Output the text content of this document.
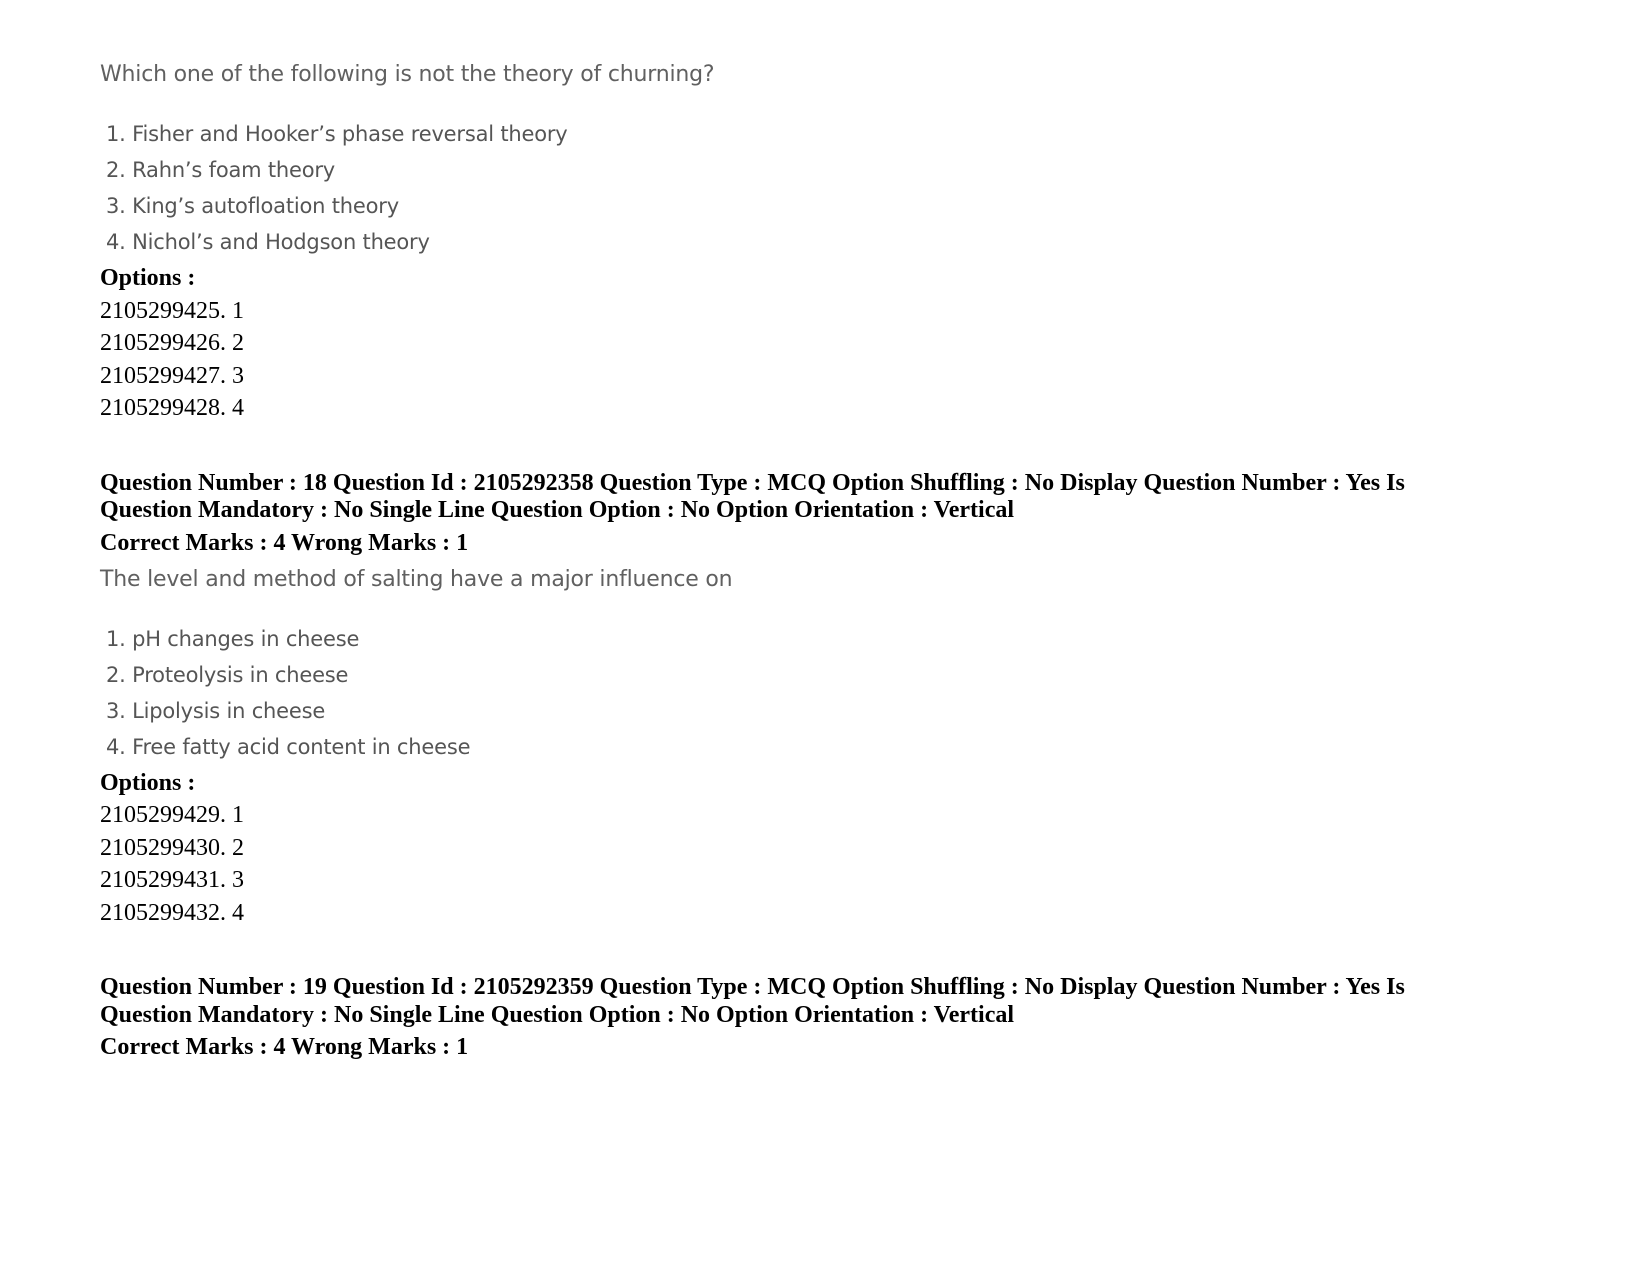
Which one of the following is not the theory of churning?
1. Fisher and Hooker’s phase reversal theory
2. Rahn’s foam theory
3. King’s autofloation theory
4. Nichol’s and Hodgson theory
Options :
2105299425. 1
2105299426. 2
2105299427. 3
2105299428. 4
Question Number : 18 Question Id : 2105292358 Question Type : MCQ Option Shuffling : No Display Question Number : Yes Is
Question Mandatory : No Single Line Question Option : No Option Orientation : Vertical
Correct Marks : 4 Wrong Marks : 1
The level and method of salting have a major influence on
1. pH changes in cheese
2. Proteolysis in cheese
3. Lipolysis in cheese
4. Free fatty acid content in cheese
Options :
2105299429. 1
2105299430. 2
2105299431. 3
2105299432. 4
Question Number : 19 Question Id : 2105292359 Question Type : MCQ Option Shuffling : No Display Question Number : Yes Is
Question Mandatory : No Single Line Question Option : No Option Orientation : Vertical
Correct Marks : 4 Wrong Marks : 1
